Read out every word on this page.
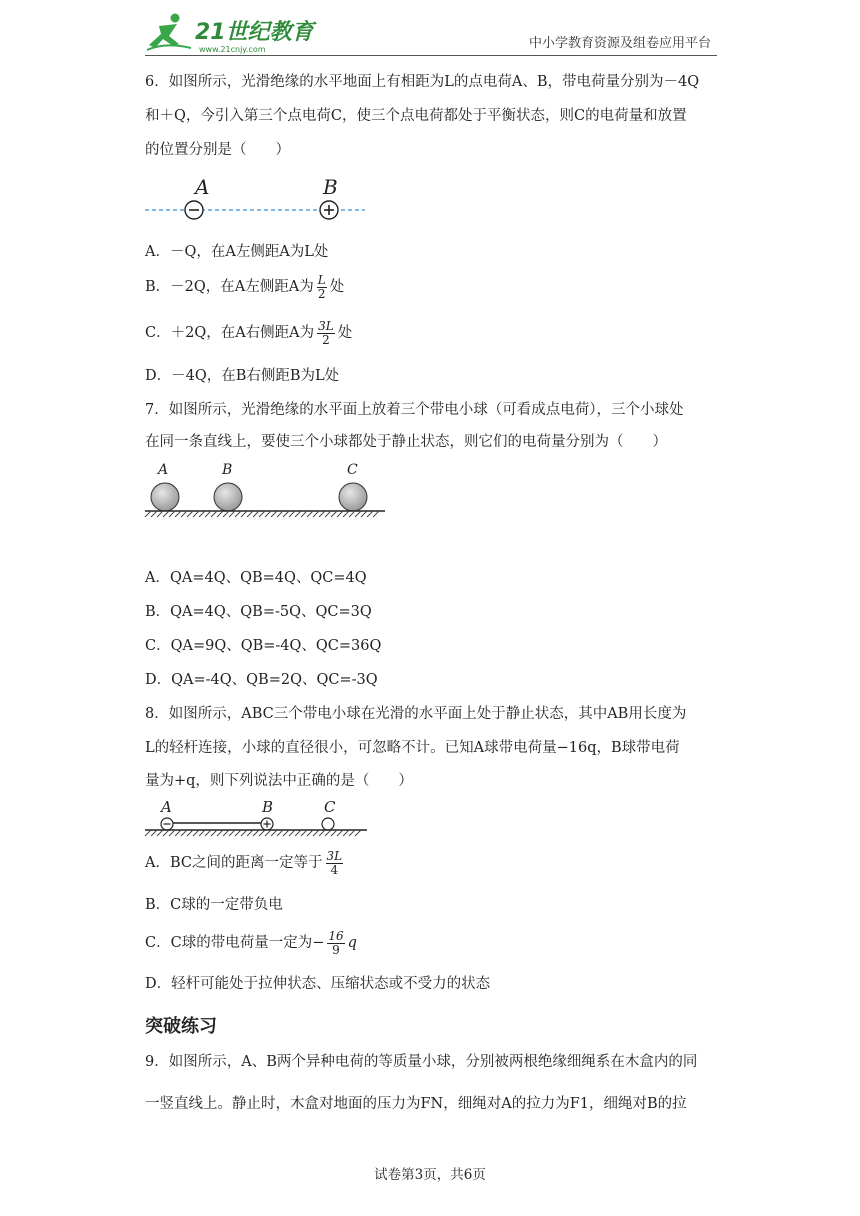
21世纪教育
www.21cnjy.com	中小学教育资源及组卷应用平台
6．如图所示，光滑绝缘的水平地面上有相距为L的点电荷A、B，带电荷量分别为－4Q
和＋Q，今引入第三个点电荷C，使三个点电荷都处于平衡状态，则C的电荷量和放置
的位置分别是（　　）
A	B
A．－Q，在A左侧距A为L处
B．－2Q，在A左侧距A为 $\frac{L}{2}$ 处
C．＋2Q，在A右侧距A为 $\frac{3L}{2}$ 处
D．－4Q，在B右侧距B为L处
7．如图所示，光滑绝缘的水平面上放着三个带电小球（可看成点电荷），三个小球处
在同一条直线上，要使三个小球都处于静止状态，则它们的电荷量分别为（　　）
A	B	C
A．QA=4Q、QB=4Q、QC=4Q
B．QA=4Q、QB=-5Q、QC=3Q
C．QA=9Q、QB=-4Q、QC=36Q
D．QA=-4Q、QB=2Q、QC=-3Q
8．如图所示，ABC三个带电小球在光滑的水平面上处于静止状态，其中AB用长度为
L的轻杆连接，小球的直径很小，可忽略不计。已知A球带电荷量−16q，B球带电荷
量为+q，则下列说法中正确的是（　　）
A	B	C
A．BC之间的距离一定等于 $\frac{3L}{4}$
B．C球的一定带负电
C．C球的带电荷量一定为− $\frac{16}{9}$ q
D．轻杆可能处于拉伸状态、压缩状态或不受力的状态
突破练习
9．如图所示，A、B两个异种电荷的等质量小球，分别被两根绝缘细绳系在木盒内的同
一竖直线上。静止时，木盒对地面的压力为FN，细绳对A的拉力为F1，细绳对B的拉
试卷第3页，共6页
